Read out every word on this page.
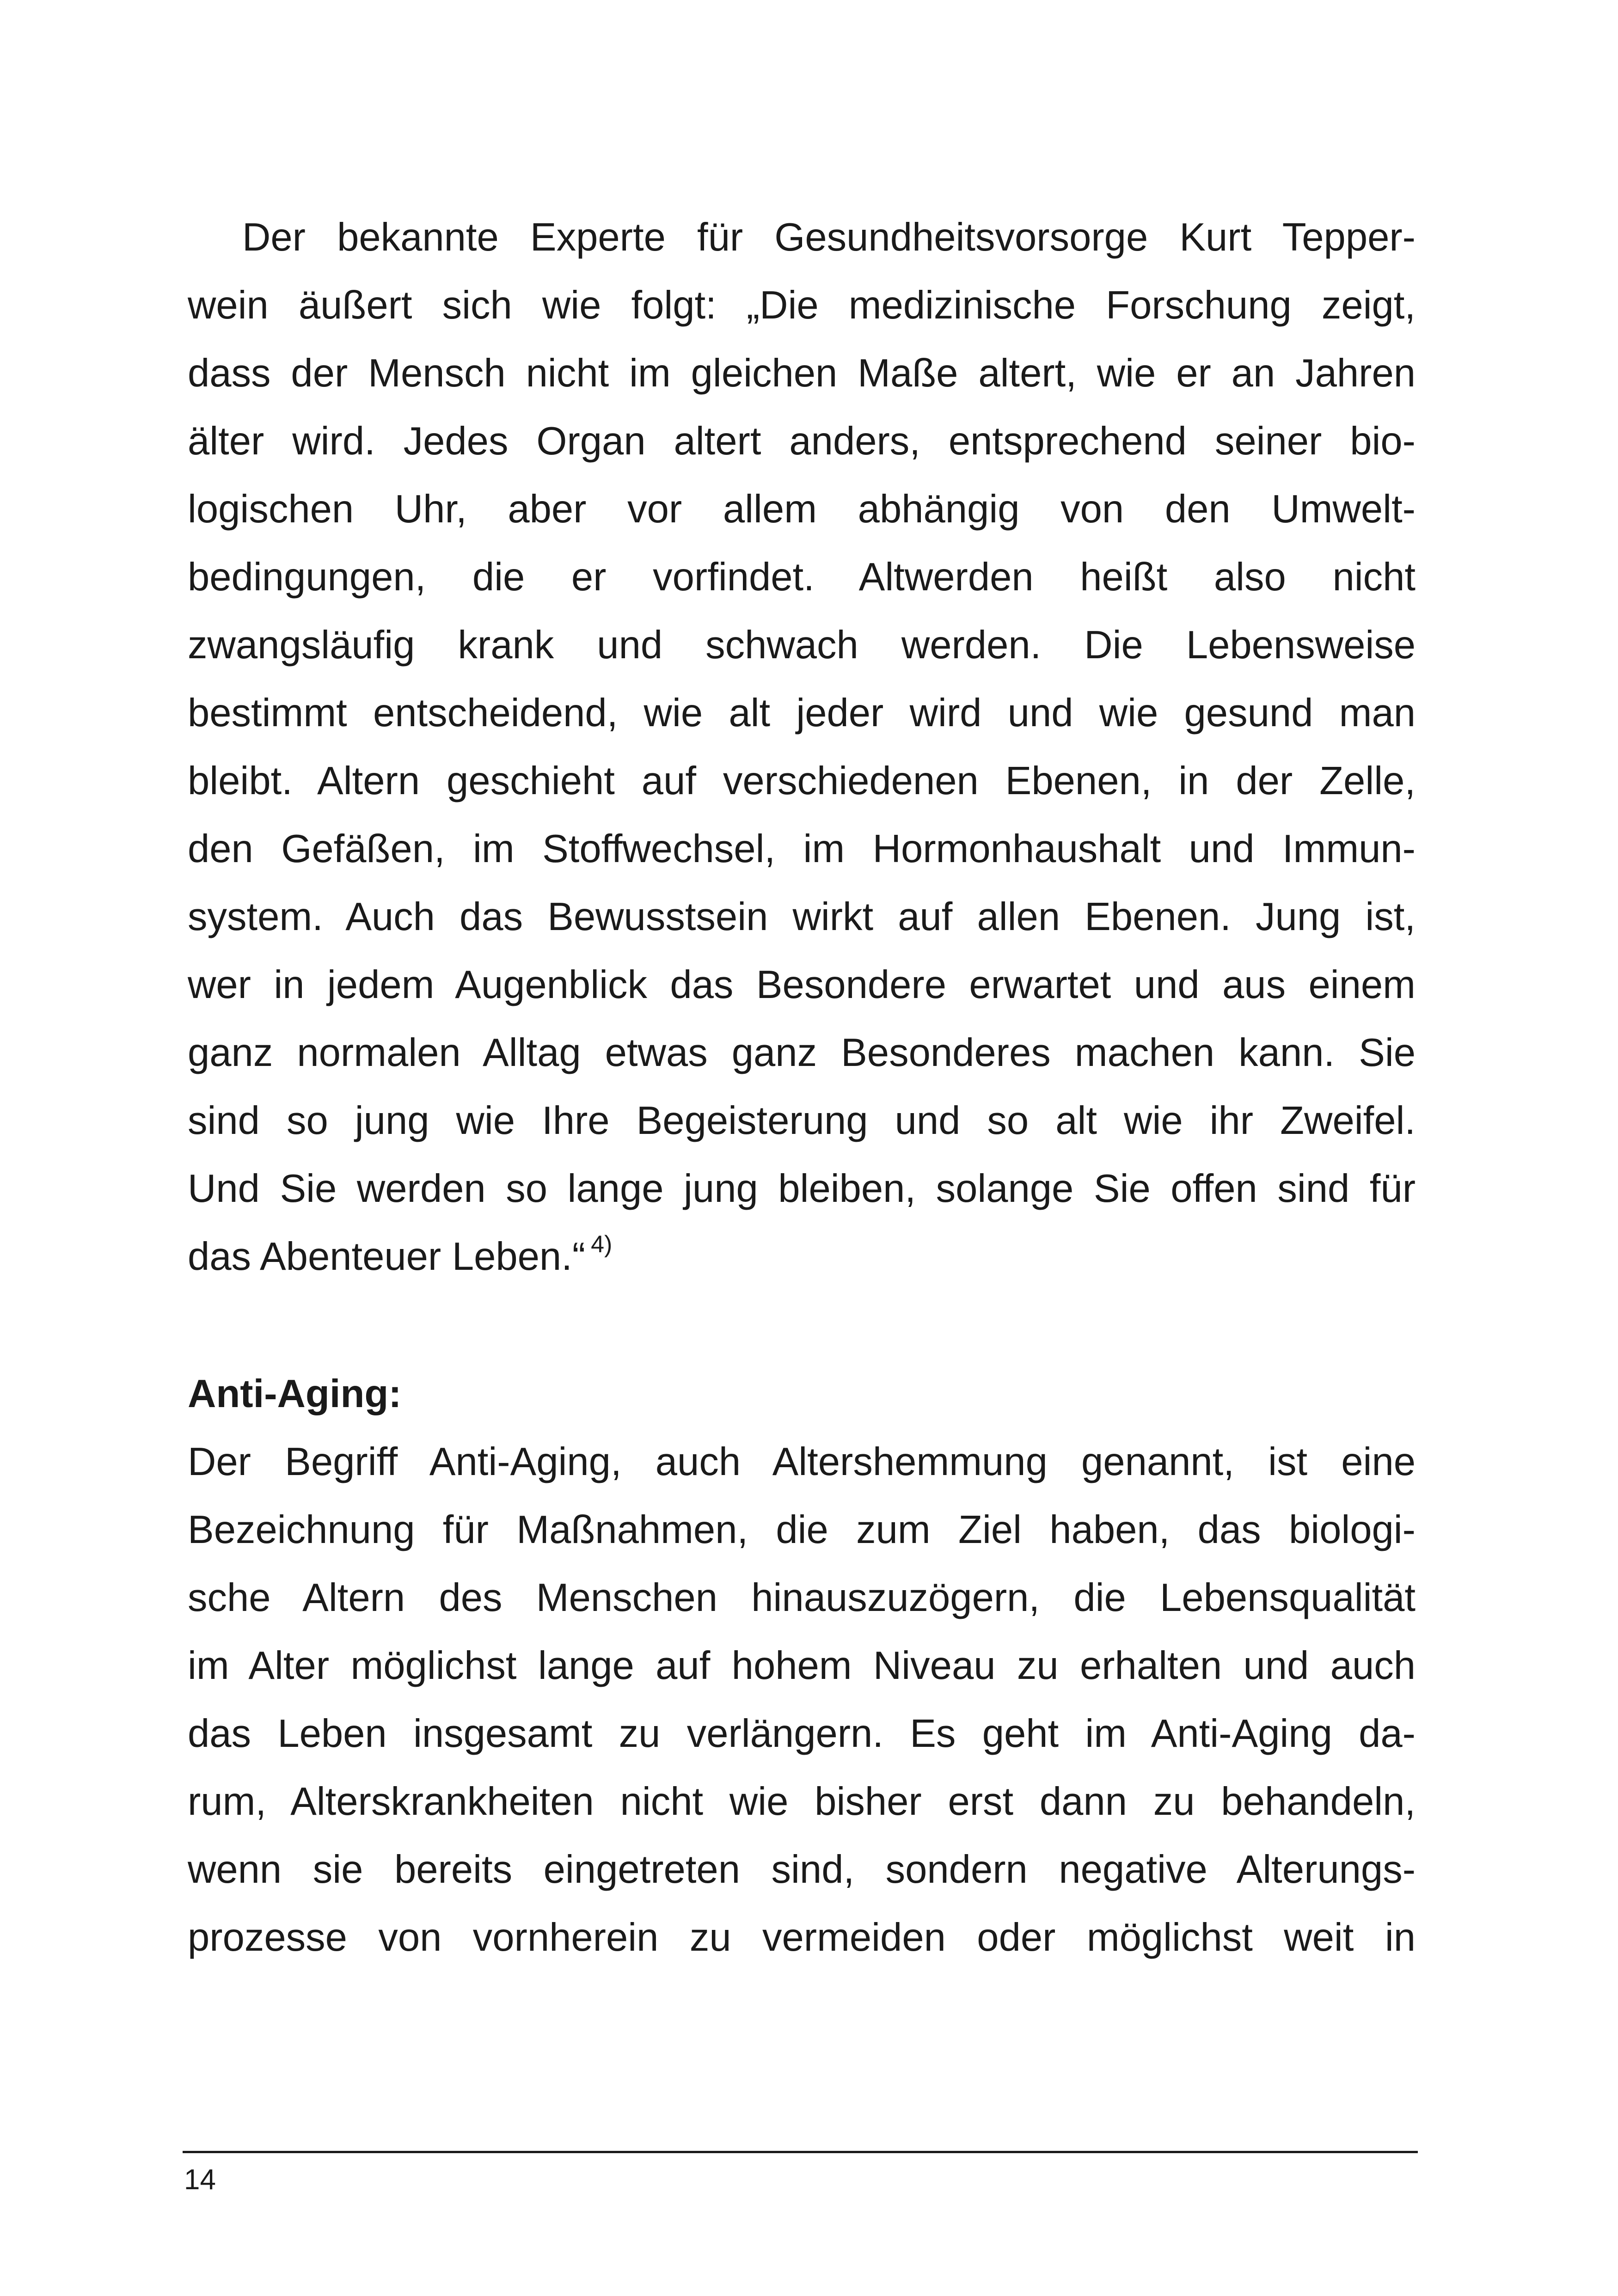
Der bekannte Experte für Gesundheitsvorsorge Kurt Tepper-
wein äußert sich wie folgt: „Die medizinische Forschung zeigt,
dass der Mensch nicht im gleichen Maße altert, wie er an Jahren
älter wird. Jedes Organ altert anders, entsprechend seiner bio-
logischen Uhr, aber vor allem abhängig von den Umwelt-
bedingungen, die er vorfindet. Altwerden heißt also nicht
zwangsläufig krank und schwach werden. Die Lebensweise
bestimmt entscheidend, wie alt jeder wird und wie gesund man
bleibt. Altern geschieht auf verschiedenen Ebenen, in der Zelle,
den Gefäßen, im Stoffwechsel, im Hormonhaushalt und Immun-
system. Auch das Bewusstsein wirkt auf allen Ebenen. Jung ist,
wer in jedem Augenblick das Besondere erwartet und aus einem
ganz normalen Alltag etwas ganz Besonderes machen kann. Sie
sind so jung wie Ihre Begeisterung und so alt wie ihr Zweifel.
Und Sie werden so lange jung bleiben, solange Sie offen sind für
das Abenteuer Leben.“ $^{4)}$
Anti-Aging:
Der Begriff Anti-Aging, auch Altershemmung genannt, ist eine
Bezeichnung für Maßnahmen, die zum Ziel haben, das biologi-
sche Altern des Menschen hinauszuzögern, die Lebensqualität
im Alter möglichst lange auf hohem Niveau zu erhalten und auch
das Leben insgesamt zu verlängern. Es geht im Anti-Aging da-
rum, Alterskrankheiten nicht wie bisher erst dann zu behandeln,
wenn sie bereits eingetreten sind, sondern negative Alterungs-
prozesse von vornherein zu vermeiden oder möglichst weit in
14
